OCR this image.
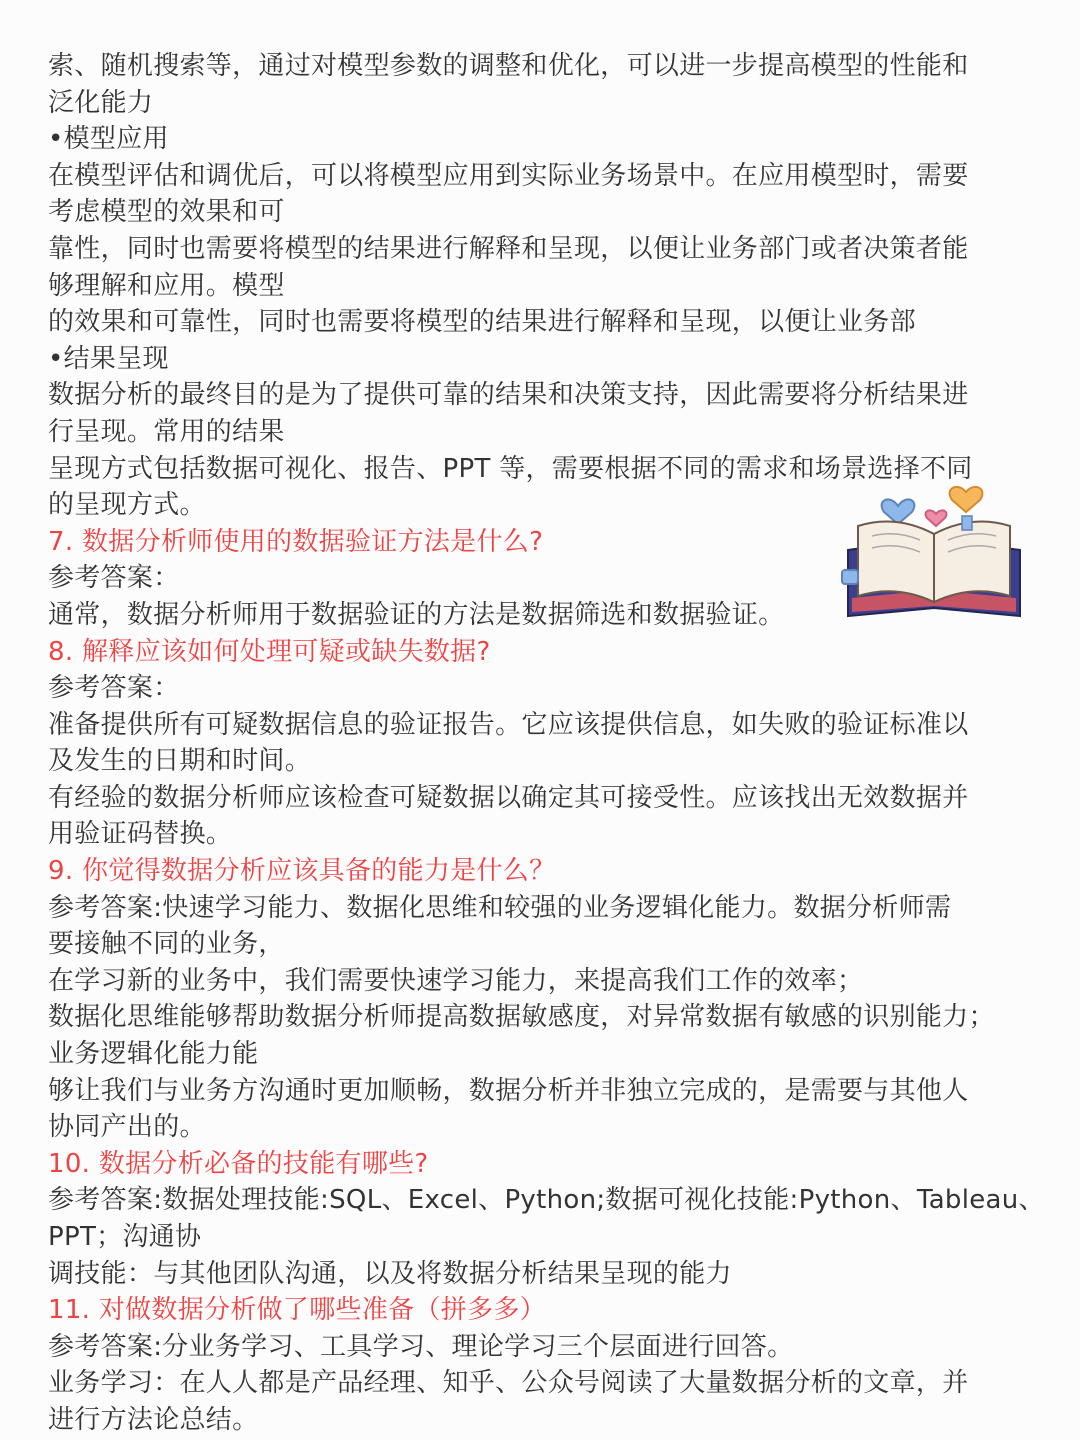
索、随机搜索等，通过对模型参数的调整和优化，可以进一步提高模型的性能和
泛化能力
•模型应用
在模型评估和调优后，可以将模型应用到实际业务场景中。在应用模型时，需要
考虑模型的效果和可
靠性，同时也需要将模型的结果进行解释和呈现，以便让业务部门或者决策者能
够理解和应用。模型
的效果和可靠性，同时也需要将模型的结果进行解释和呈现，以便让业务部
•结果呈现
数据分析的最终目的是为了提供可靠的结果和决策支持，因此需要将分析结果进
行呈现。常用的结果
呈现方式包括数据可视化、报告、PPT 等，需要根据不同的需求和场景选择不同
的呈现方式。
7. 数据分析师使用的数据验证方法是什么?
参考答案：
通常，数据分析师用于数据验证的方法是数据筛选和数据验证。
8. 解释应该如何处理可疑或缺失数据?
参考答案：
准备提供所有可疑数据信息的验证报告。它应该提供信息，如失败的验证标准以
及发生的日期和时间。
有经验的数据分析师应该检查可疑数据以确定其可接受性。应该找出无效数据并
用验证码替换。
9. 你觉得数据分析应该具备的能力是什么？
参考答案:快速学习能力、数据化思维和较强的业务逻辑化能力。数据分析师需
要接触不同的业务，
在学习新的业务中，我们需要快速学习能力，来提高我们工作的效率；
数据化思维能够帮助数据分析师提高数据敏感度，对异常数据有敏感的识别能力；
业务逻辑化能力能
够让我们与业务方沟通时更加顺畅，数据分析并非独立完成的，是需要与其他人
协同产出的。
10. 数据分析必备的技能有哪些?
参考答案:数据处理技能:SQL、Excel、Python;数据可视化技能:Python、Tableau、
PPT；沟通协
调技能：与其他团队沟通，以及将数据分析结果呈现的能力
11. 对做数据分析做了哪些准备（拼多多）
参考答案:分业务学习、工具学习、理论学习三个层面进行回答。
业务学习：在人人都是产品经理、知乎、公众号阅读了大量数据分析的文章，并
进行方法论总结。
